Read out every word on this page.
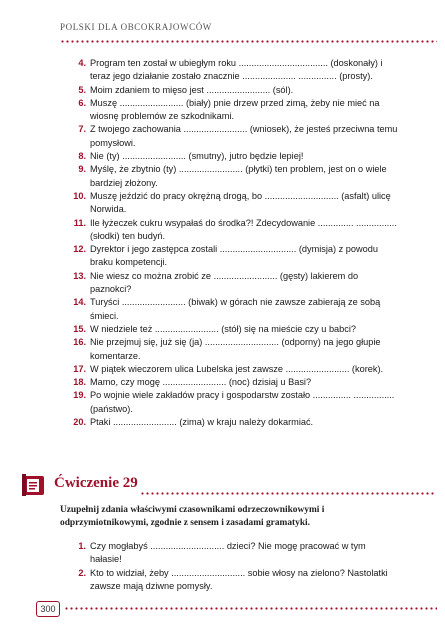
POLSKI DLA OBCOKRAJOWCÓW
4. Program ten został w ubiegłym roku ................................... (doskonały) i teraz jego działanie zostało znacznie ..................... ............... (prosty).
5. Moim zdaniem to mięso jest ......................... (sól).
6. Muszę ......................... (biały) pnie drzew przed zimą, żeby nie mieć na wiosnę problemów ze szkodnikami.
7. Z twojego zachowania ......................... (wniosek), że jesteś przeciwna temu pomysłowi.
8. Nie (ty) ......................... (smutny), jutro będzie lepiej!
9. Myślę, że zbytnio (ty) ......................... (płytki) ten problem, jest on o wiele bardziej złożony.
10. Muszę jeździć do pracy okrężną drogą, bo ............................. (asfalt) ulicę Norwida.
11. Ile łyżeczek cukru wsypałaś do środka?! Zdecydowanie .............. ................ (słodki) ten budyń.
12. Dyrektor i jego zastępca zostali .............................. (dymisja) z powodu braku kompetencji.
13. Nie wiesz co można zrobić ze ......................... (gęsty) lakierem do paznokci?
14. Turyści ......................... (biwak) w górach nie zawsze zabierają ze sobą śmieci.
15. W niedziele też ......................... (stół) się na mieście czy u babci?
16. Nie przejmuj się, już się (ja) ............................. (odporny) na jego głupie komentarze.
17. W piątek wieczorem ulica Lubelska jest zawsze ......................... (korek).
18. Mamo, czy mogę ......................... (noc) dzisiaj u Basi?
19. Po wojnie wiele zakładów pracy i gospodarstw zostało ............... ................ (państwo).
20. Ptaki ......................... (zima) w kraju należy dokarmiać.
Ćwiczenie 29
Uzupełnij zdania właściwymi czasownikami odrzeczownikowymi i odprzymiotnikowymi, zgodnie z sensem i zasadami gramatyki.
1. Czy mogłabyś ............................. dzieci? Nie mogę pracować w tym hałasie!
2. Kto to widział, żeby ............................. sobie włosy na zielono? Nastolatki zawsze mają dziwne pomysły.
300
